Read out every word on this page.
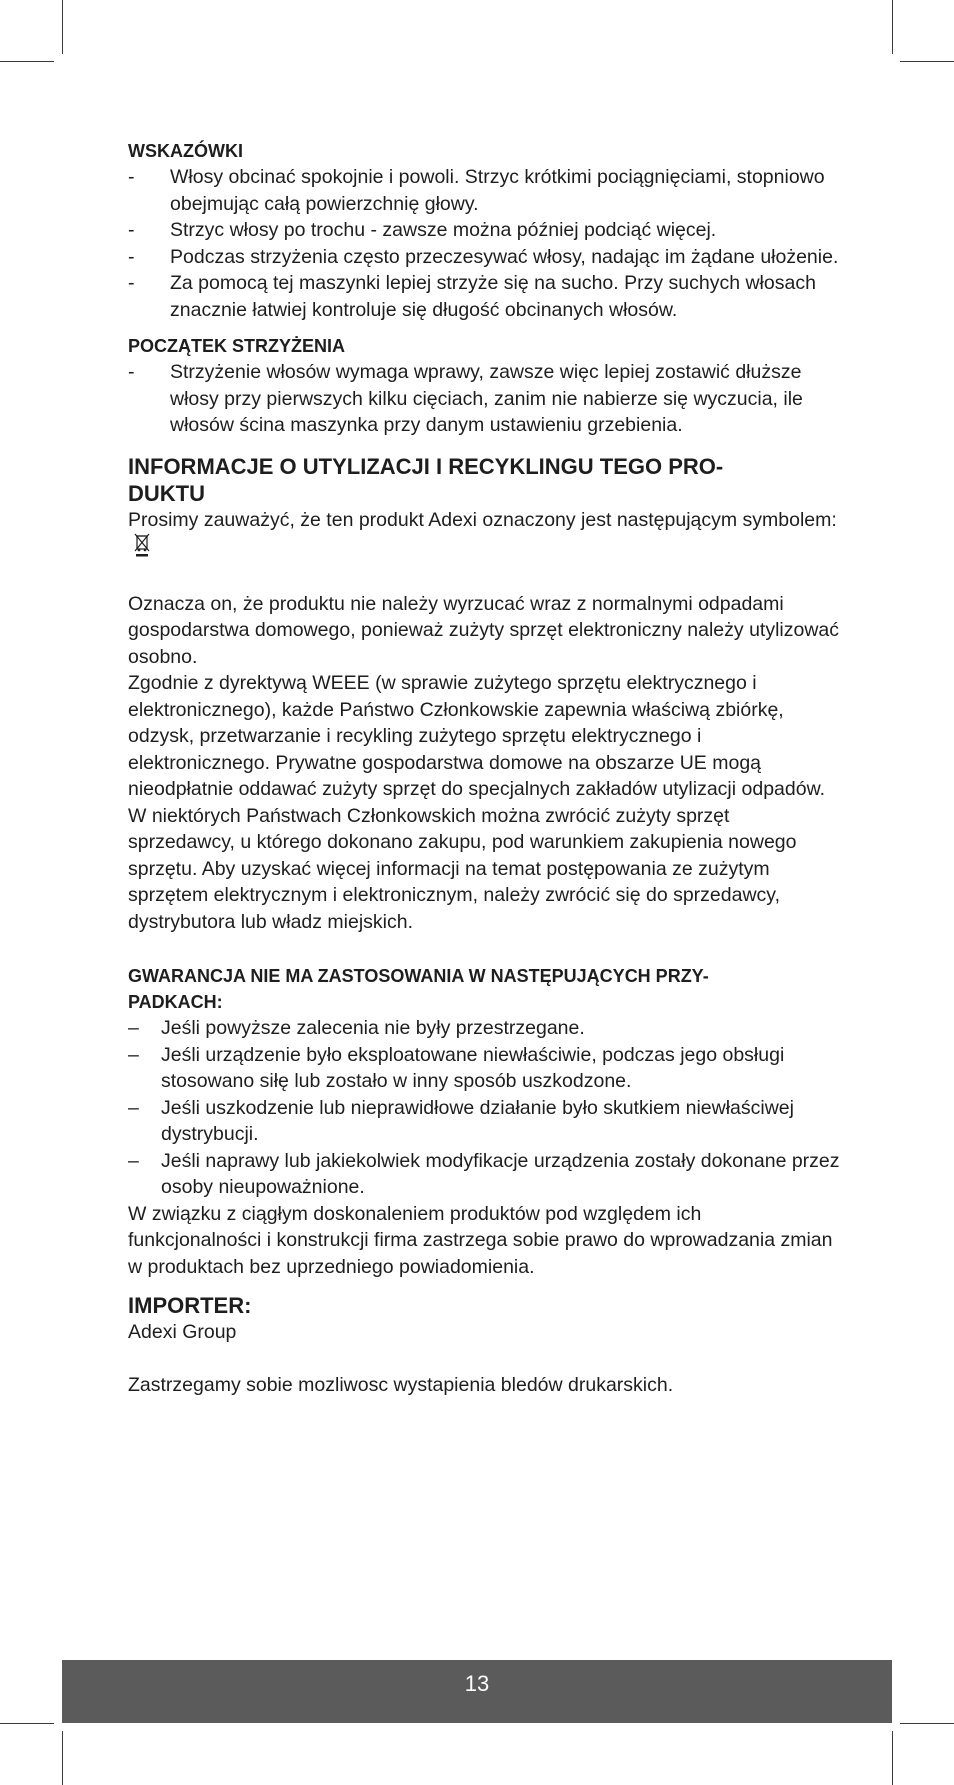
WSKAZÓWKI
-	Włosy obcinać spokojnie i powoli. Strzyc krótkimi pociągnięciami, stopniowo obejmując całą powierzchnię głowy.
-	Strzyc włosy po trochu - zawsze można później podciąć więcej.
-	Podczas strzyżenia często przeczesywać włosy, nadając im żądane ułożenie.
-	Za pomocą tej maszynki lepiej strzyże się na sucho. Przy suchych włosach znacznie łatwiej kontroluje się długość obcinanych włosów.
POCZĄTEK STRZYŻENIA
-	Strzyżenie włosów wymaga wprawy, zawsze więc lepiej zostawić dłuższe włosy przy pierwszych kilku cięciach, zanim nie nabierze się wyczucia, ile włosów ścina maszynka przy danym ustawieniu grzebienia.
INFORMACJE O UTYLIZACJI I RECYKLINGU TEGO PRO-
DUKTU

Prosimy zauważyć, że ten produkt Adexi oznaczony jest następującym symbolem:

Oznacza on, że produktu nie należy wyrzucać wraz z normalnymi odpadami gospodarstwa domowego, ponieważ zużyty sprzęt elektroniczny należy utylizować osobno.

Zgodnie z dyrektywą WEEE (w sprawie zużytego sprzętu elektrycznego i elektronicznego), każde Państwo Członkowskie zapewnia właściwą zbiórkę, odzysk, przetwarzanie i recykling zużytego sprzętu elektrycznego i elektronicznego. Prywatne gospodarstwa domowe na obszarze UE mogą nieodpłatnie oddawać zużyty sprzęt do specjalnych zakładów utylizacji odpadów. W niektórych Państwach Członkowskich można zwrócić zużyty sprzęt sprzedawcy, u którego dokonano zakupu, pod warunkiem zakupienia nowego sprzętu. Aby uzyskać więcej informacji na temat postępowania ze zużytym sprzętem elektrycznym i elektronicznym, należy zwrócić się do sprzedawcy, dystrybutora lub władz miejskich.

GWARANCJA NIE MA ZASTOSOWANIA W NASTĘPUJĄCYCH PRZY-
PADKACH:
–	Jeśli powyższe zalecenia nie były przestrzegane.
–	Jeśli urządzenie było eksploatowane niewłaściwie, podczas jego obsługi stosowano siłę lub zostało w inny sposób uszkodzone.
–	Jeśli uszkodzenie lub nieprawidłowe działanie było skutkiem niewłaściwej dystrybucji.
–	Jeśli naprawy lub jakiekolwiek modyfikacje urządzenia zostały dokonane przez osoby nieupoważnione.

W związku z ciągłym doskonaleniem produktów pod względem ich funkcjonalności i konstrukcji firma zastrzega sobie prawo do wprowadzania zmian w produktach bez uprzedniego powiadomienia.

IMPORTER:

Adexi Group

Zastrzegamy sobie mozliwosc wystapienia bledów drukarskich.

13
